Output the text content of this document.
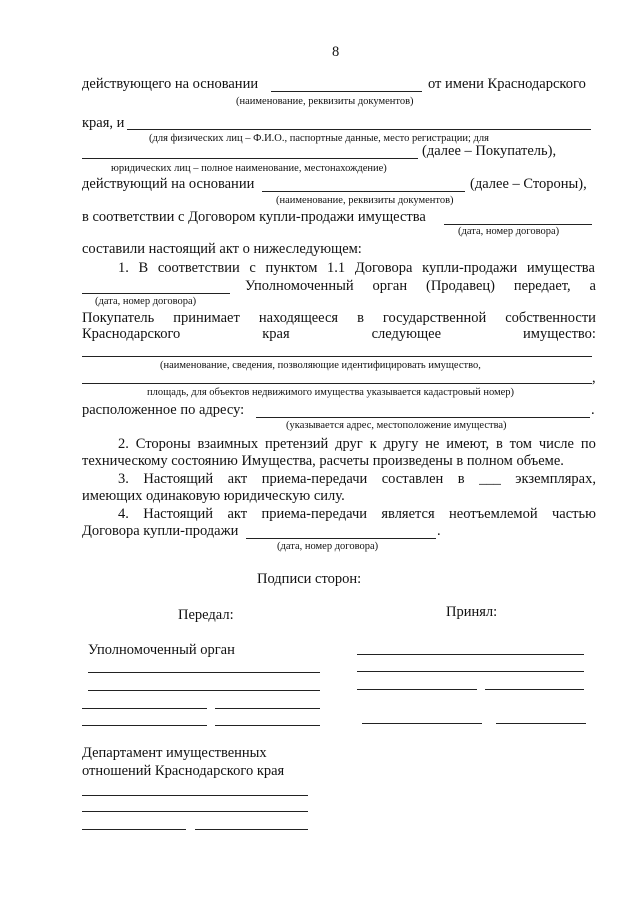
8
действующего на основании	от имени Краснодарского
(наименование, реквизиты документов)
края, и
(для физических лиц – Ф.И.О., паспортные данные, место регистрации; для
(далее – Покупатель),
юридических лиц – полное наименование, местонахождение)
действующий на основании	(далее – Стороны),
(наименование, реквизиты документов)
в соответствии с Договором купли-продажи имущества
(дата, номер договора)
составили настоящий акт о нижеследующем:
1. В соответствии с пунктом 1.1 Договора купли-продажи имущества
Уполномоченный орган (Продавец) передает, а
(дата, номер договора)
Покупатель принимает находящееся в государственной собственности
Краснодарского	края	следующее	имущество:
(наименование, сведения, позволяющие идентифицировать имущество,
,
площадь, для объектов недвижимого имущества указывается кадастровый номер)
расположенное по адресу:	.
(указывается адрес, местоположение имущества)
2. Стороны взаимных претензий друг к другу не имеют, в том числе по
техническому состоянию Имущества, расчеты произведены в полном объеме.
3. Настоящий акт приема-передачи составлен в ___ экземплярах,
имеющих одинаковую юридическую силу.
4. Настоящий акт приема-передачи является неотъемлемой частью
Договора купли-продажи	.
(дата, номер договора)
Подписи сторон:
Передал:	Принял:
Уполномоченный орган
Департамент имущественных
отношений Краснодарского края
